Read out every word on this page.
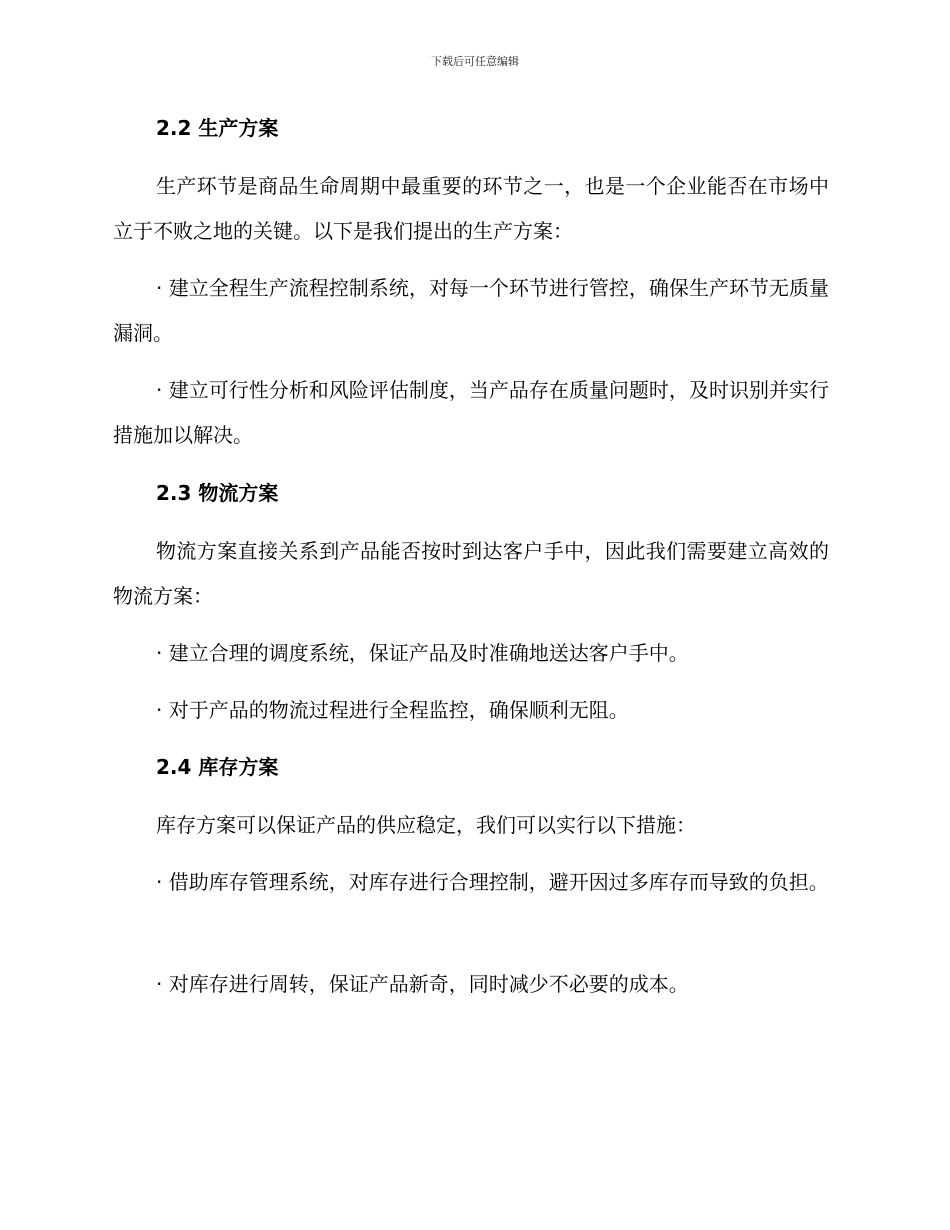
下载后可任意编辑
2.2 生产方案

生产环节是商品生命周期中最重要的环节之一，也是一个企业能否在市场中立于不败之地的关键。以下是我们提出的生产方案：

· 建立全程生产流程控制系统，对每一个环节进行管控，确保生产环节无质量漏洞。

· 建立可行性分析和风险评估制度，当产品存在质量问题时，及时识别并实行措施加以解决。

2.3 物流方案

物流方案直接关系到产品能否按时到达客户手中，因此我们需要建立高效的物流方案：

· 建立合理的调度系统，保证产品及时准确地送达客户手中。

· 对于产品的物流过程进行全程监控，确保顺利无阻。

2.4 库存方案

库存方案可以保证产品的供应稳定，我们可以实行以下措施：

· 借助库存管理系统，对库存进行合理控制，避开因过多库存而导致的负担。

· 对库存进行周转，保证产品新奇，同时减少不必要的成本。
